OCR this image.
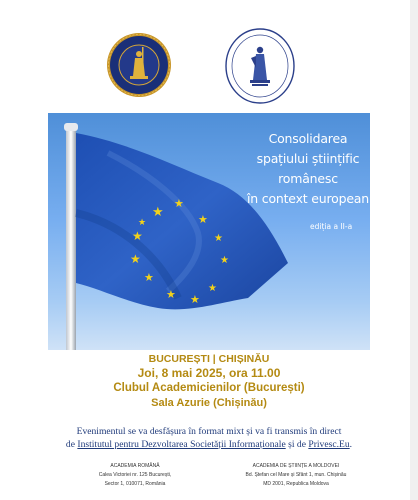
★ ★
★
★
★
★
★
★
★
★
★
★
Consolidarea
spațiului științific
românesc
în context european
ediția a II-a
BUCUREȘTI | CHIȘINĂU
Joi, 8 mai 2025, ora 11.00
Clubul Academicienilor (București)
Sala Azurie (Chișinău)
Evenimentul se va desfășura în format mixt și va fi transmis în direct
de Institutul pentru Dezvoltarea Societății Informaționale și de Privesc.Eu.
ACADEMIA ROMÂNĂ
Calea Victoriei nr. 125 București,
Sector 1, 010071, România
ACADEMIA DE ȘTIINȚE A MOLDOVEI
Bd. Ștefan cel Mare și Sfânt 1, mun. Chișinău
MD 2001, Republica Moldova
